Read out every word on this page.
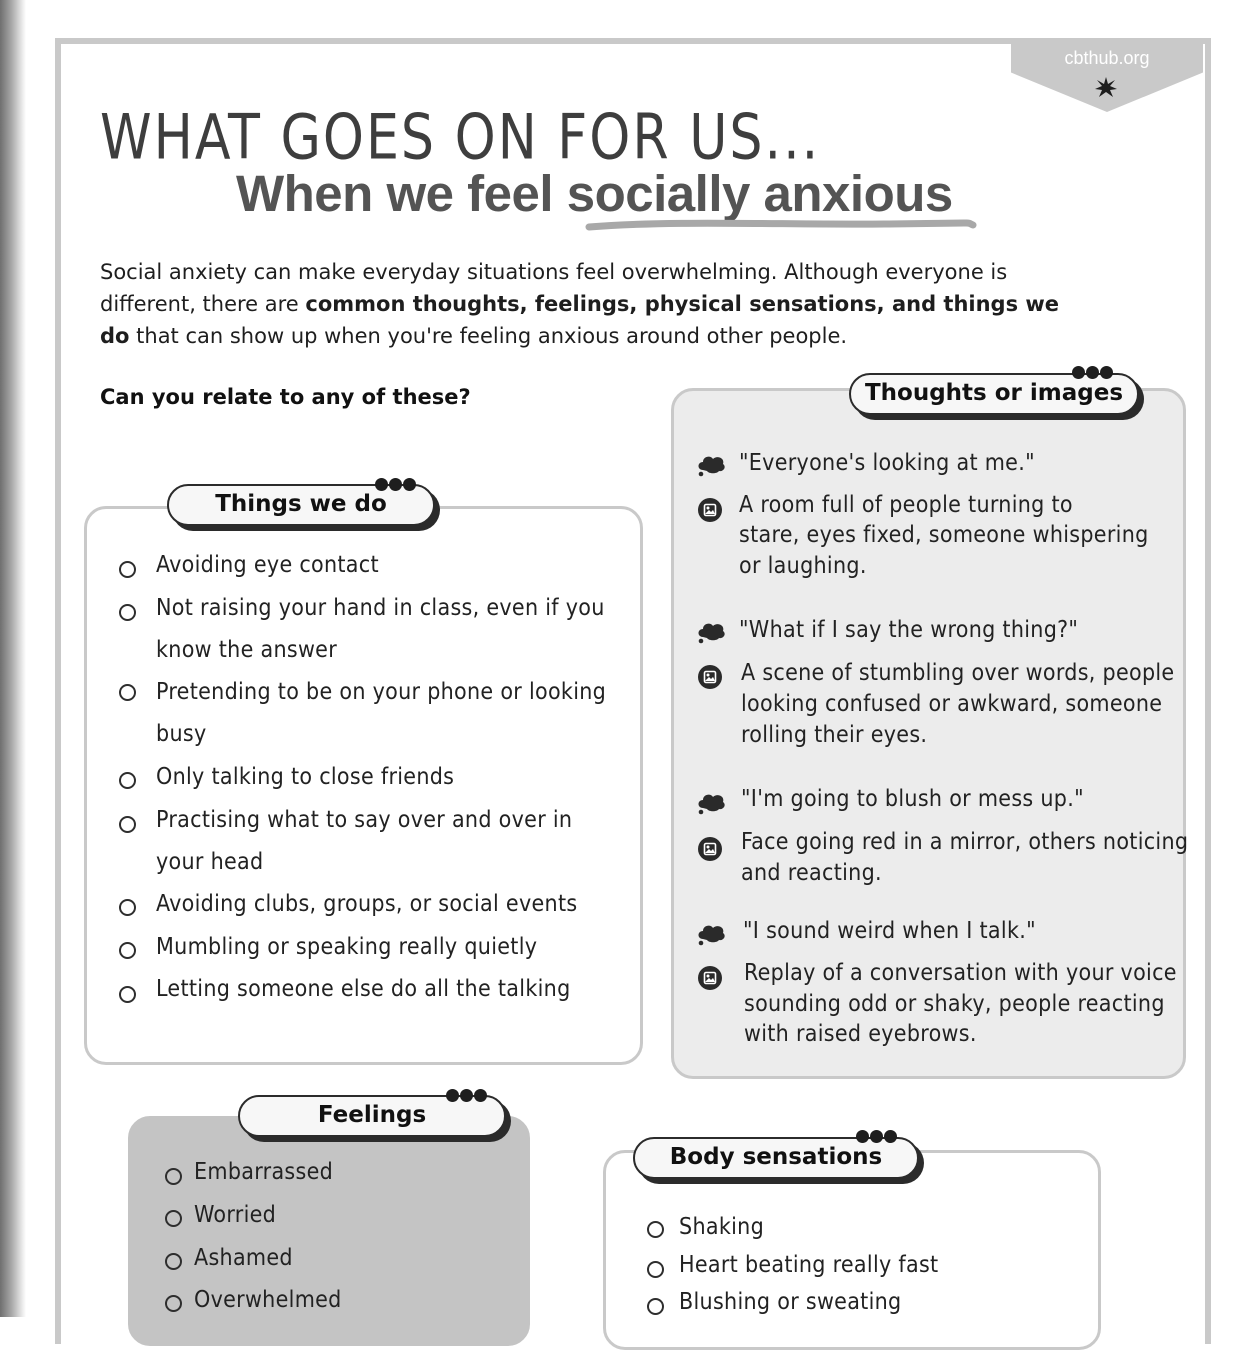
cbthub.org
WHAT GOES ON FOR US...
When we feel socially anxious

Social anxiety can make everyday situations feel overwhelming. Although everyone is different, there are common thoughts, feelings, physical sensations, and things we do that can show up when you're feeling anxious around other people.

Can you relate to any of these?

Things we do

Avoiding eye contact

Not raising your hand in class, even if you

know the answer

Pretending to be on your phone or looking

busy

Only talking to close friends

Practising what to say over and over in

your head

Avoiding clubs, groups, or social events

Mumbling or speaking really quietly

Letting someone else do all the talking

Thoughts or images

"Everyone's looking at me."

A room full of people turning to

stare, eyes fixed, someone whispering

or laughing.

"What if I say the wrong thing?"

A scene of stumbling over words, people

looking confused or awkward, someone

rolling their eyes.

"I'm going to blush or mess up."

Face going red in a mirror, others noticing

and reacting.

"I sound weird when I talk."

Replay of a conversation with your voice

sounding odd or shaky, people reacting

with raised eyebrows.

Feelings

Embarrassed

Worried

Ashamed

Overwhelmed

Body sensations

Shaking

Heart beating really fast

Blushing or sweating
